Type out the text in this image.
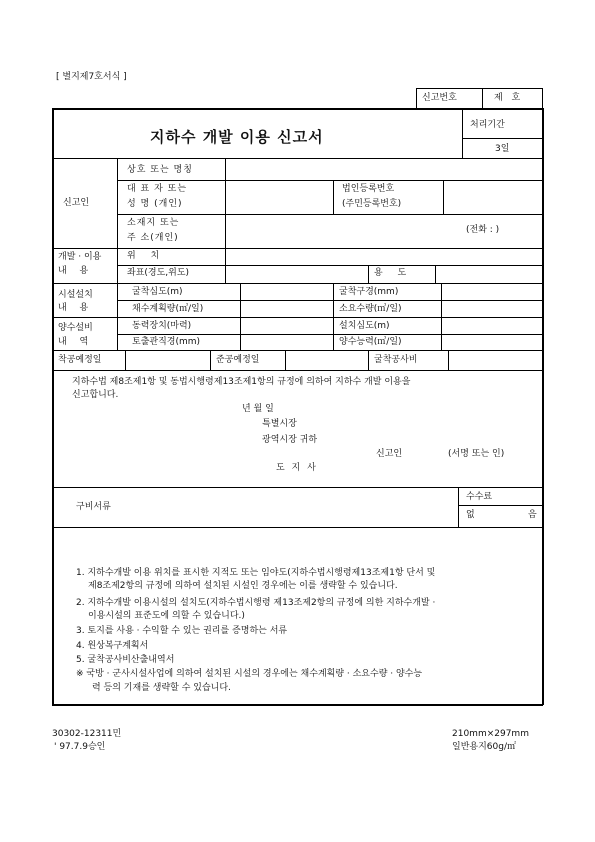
[ 별지제7호서식 ]
신고번호	제 호
지하수 개발 이용 신고서
처리기간
3일
신고인
상호 또는 명칭
대 표 자 또는
성 명 (개인)
법인등록번호
(주민등록번호)
소재지 또는
주 소(개인)
(전화 : )
개발 · 이용
내 용
위 치
좌표(경도,위도)	용 도
시설설치
내 용
굴착심도(m)	굴착구경(mm)
채수계획량(㎥/일)	소요수량(㎥/일)
양수설비
내 역
동력장치(마력)	설치심도(m)
토출관직경(mm)	양수능력(㎥/일)
착공예정일	준공예정일	굴착공사비
지하수법 제8조제1항 및 동법시행령제13조제1항의 규정에 의하여 지하수 개발 이용을
신고합니다.
년 월 일
특별시장
광역시장 귀하
신고인	(서명 또는 인)
도 지 사
구비서류
수수료
없	음
1. 지하수개발 이용 위치를 표시한 지적도 또는 임야도(지하수법시행령제13조제1항 단서 및
제8조제2항의 규정에 의하여 설치된 시설인 경우에는 이를 생략할 수 있습니다.
2. 지하수개발 이용시설의 설치도(지하수법시행령 제13조제2항의 규정에 의한 지하수개발 ·
이용시설의 표준도에 의할 수 있습니다.)
3. 토지를 사용 · 수익할 수 있는 권리를 증명하는 서류
4. 원상복구계획서
5. 굴착공사비산출내역서
※ 국방 · 군사시설사업에 의하여 설치된 시설의 경우에는 채수계획량 · 소요수량 · 양수능
력 등의 기재를 생략할 수 있습니다.
30302-12311민
' 97.7.9승인
210mm×297mm
일반용지60g/㎡
